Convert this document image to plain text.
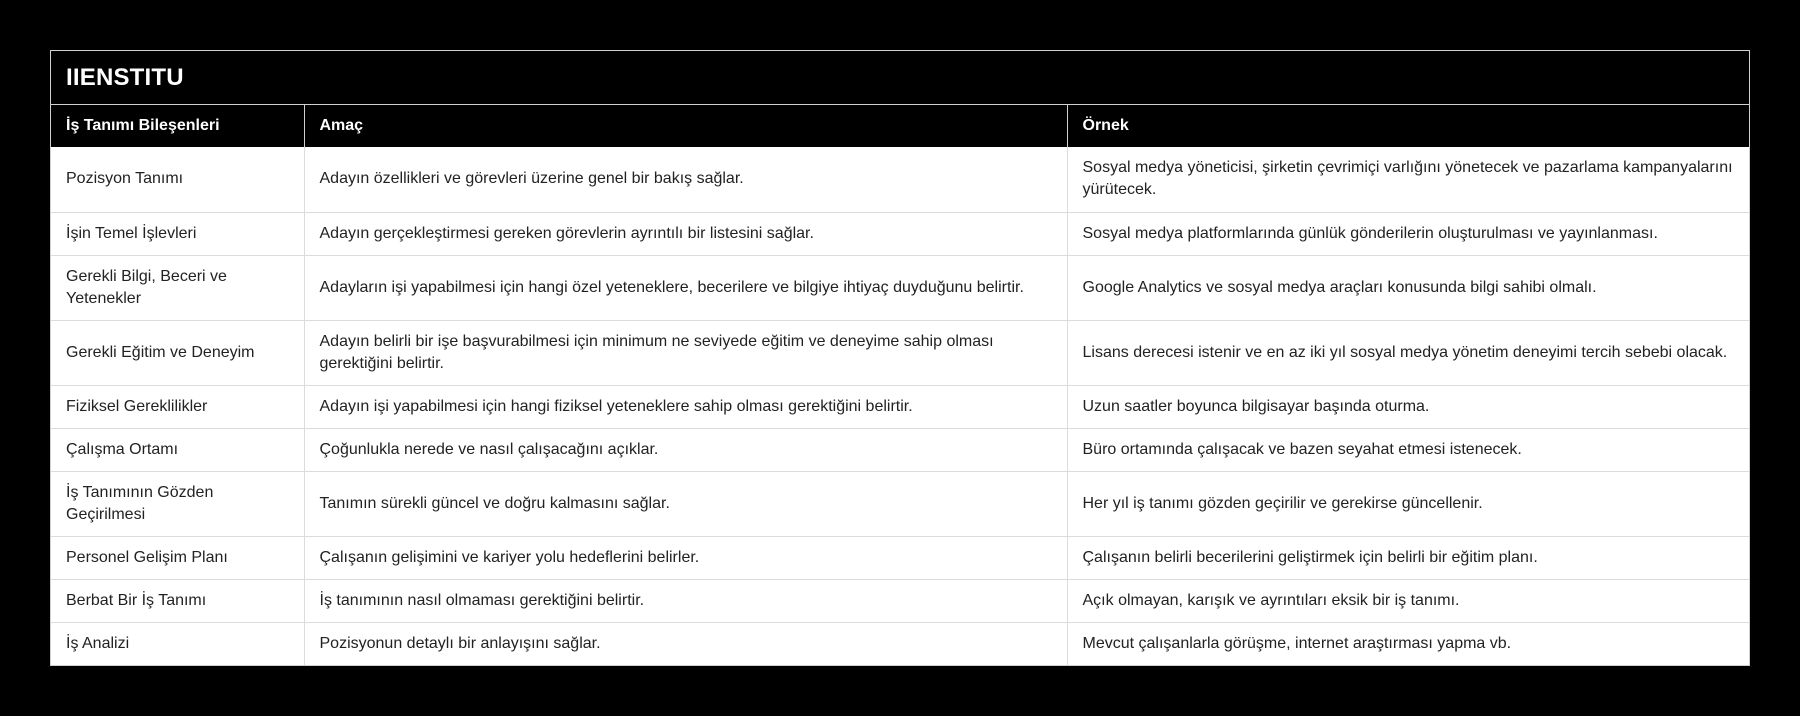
IIENSTITU
İş Tanımı Bileşenleri	Amaç	Örnek
Pozisyon Tanımı	Adayın özellikleri ve görevleri üzerine genel bir bakış sağlar.	Sosyal medya yöneticisi, şirketin çevrimiçi varlığını yönetecek ve pazarlama kampanyalarını yürütecek.
İşin Temel İşlevleri	Adayın gerçekleştirmesi gereken görevlerin ayrıntılı bir listesini sağlar.	Sosyal medya platformlarında günlük gönderilerin oluşturulması ve yayınlanması.
Gerekli Bilgi, Beceri ve Yetenekler	Adayların işi yapabilmesi için hangi özel yeteneklere, becerilere ve bilgiye ihtiyaç duyduğunu belirtir.	Google Analytics ve sosyal medya araçları konusunda bilgi sahibi olmalı.
Gerekli Eğitim ve Deneyim	Adayın belirli bir işe başvurabilmesi için minimum ne seviyede eğitim ve deneyime sahip olması gerektiğini belirtir.	Lisans derecesi istenir ve en az iki yıl sosyal medya yönetim deneyimi tercih sebebi olacak.
Fiziksel Gereklilikler	Adayın işi yapabilmesi için hangi fiziksel yeteneklere sahip olması gerektiğini belirtir.	Uzun saatler boyunca bilgisayar başında oturma.
Çalışma Ortamı	Çoğunlukla nerede ve nasıl çalışacağını açıklar.	Büro ortamında çalışacak ve bazen seyahat etmesi istenecek.
İş Tanımının Gözden Geçirilmesi	Tanımın sürekli güncel ve doğru kalmasını sağlar.	Her yıl iş tanımı gözden geçirilir ve gerekirse güncellenir.
Personel Gelişim Planı	Çalışanın gelişimini ve kariyer yolu hedeflerini belirler.	Çalışanın belirli becerilerini geliştirmek için belirli bir eğitim planı.
Berbat Bir İş Tanımı	İş tanımının nasıl olmaması gerektiğini belirtir.	Açık olmayan, karışık ve ayrıntıları eksik bir iş tanımı.
İş Analizi	Pozisyonun detaylı bir anlayışını sağlar.	Mevcut çalışanlarla görüşme, internet araştırması yapma vb.
